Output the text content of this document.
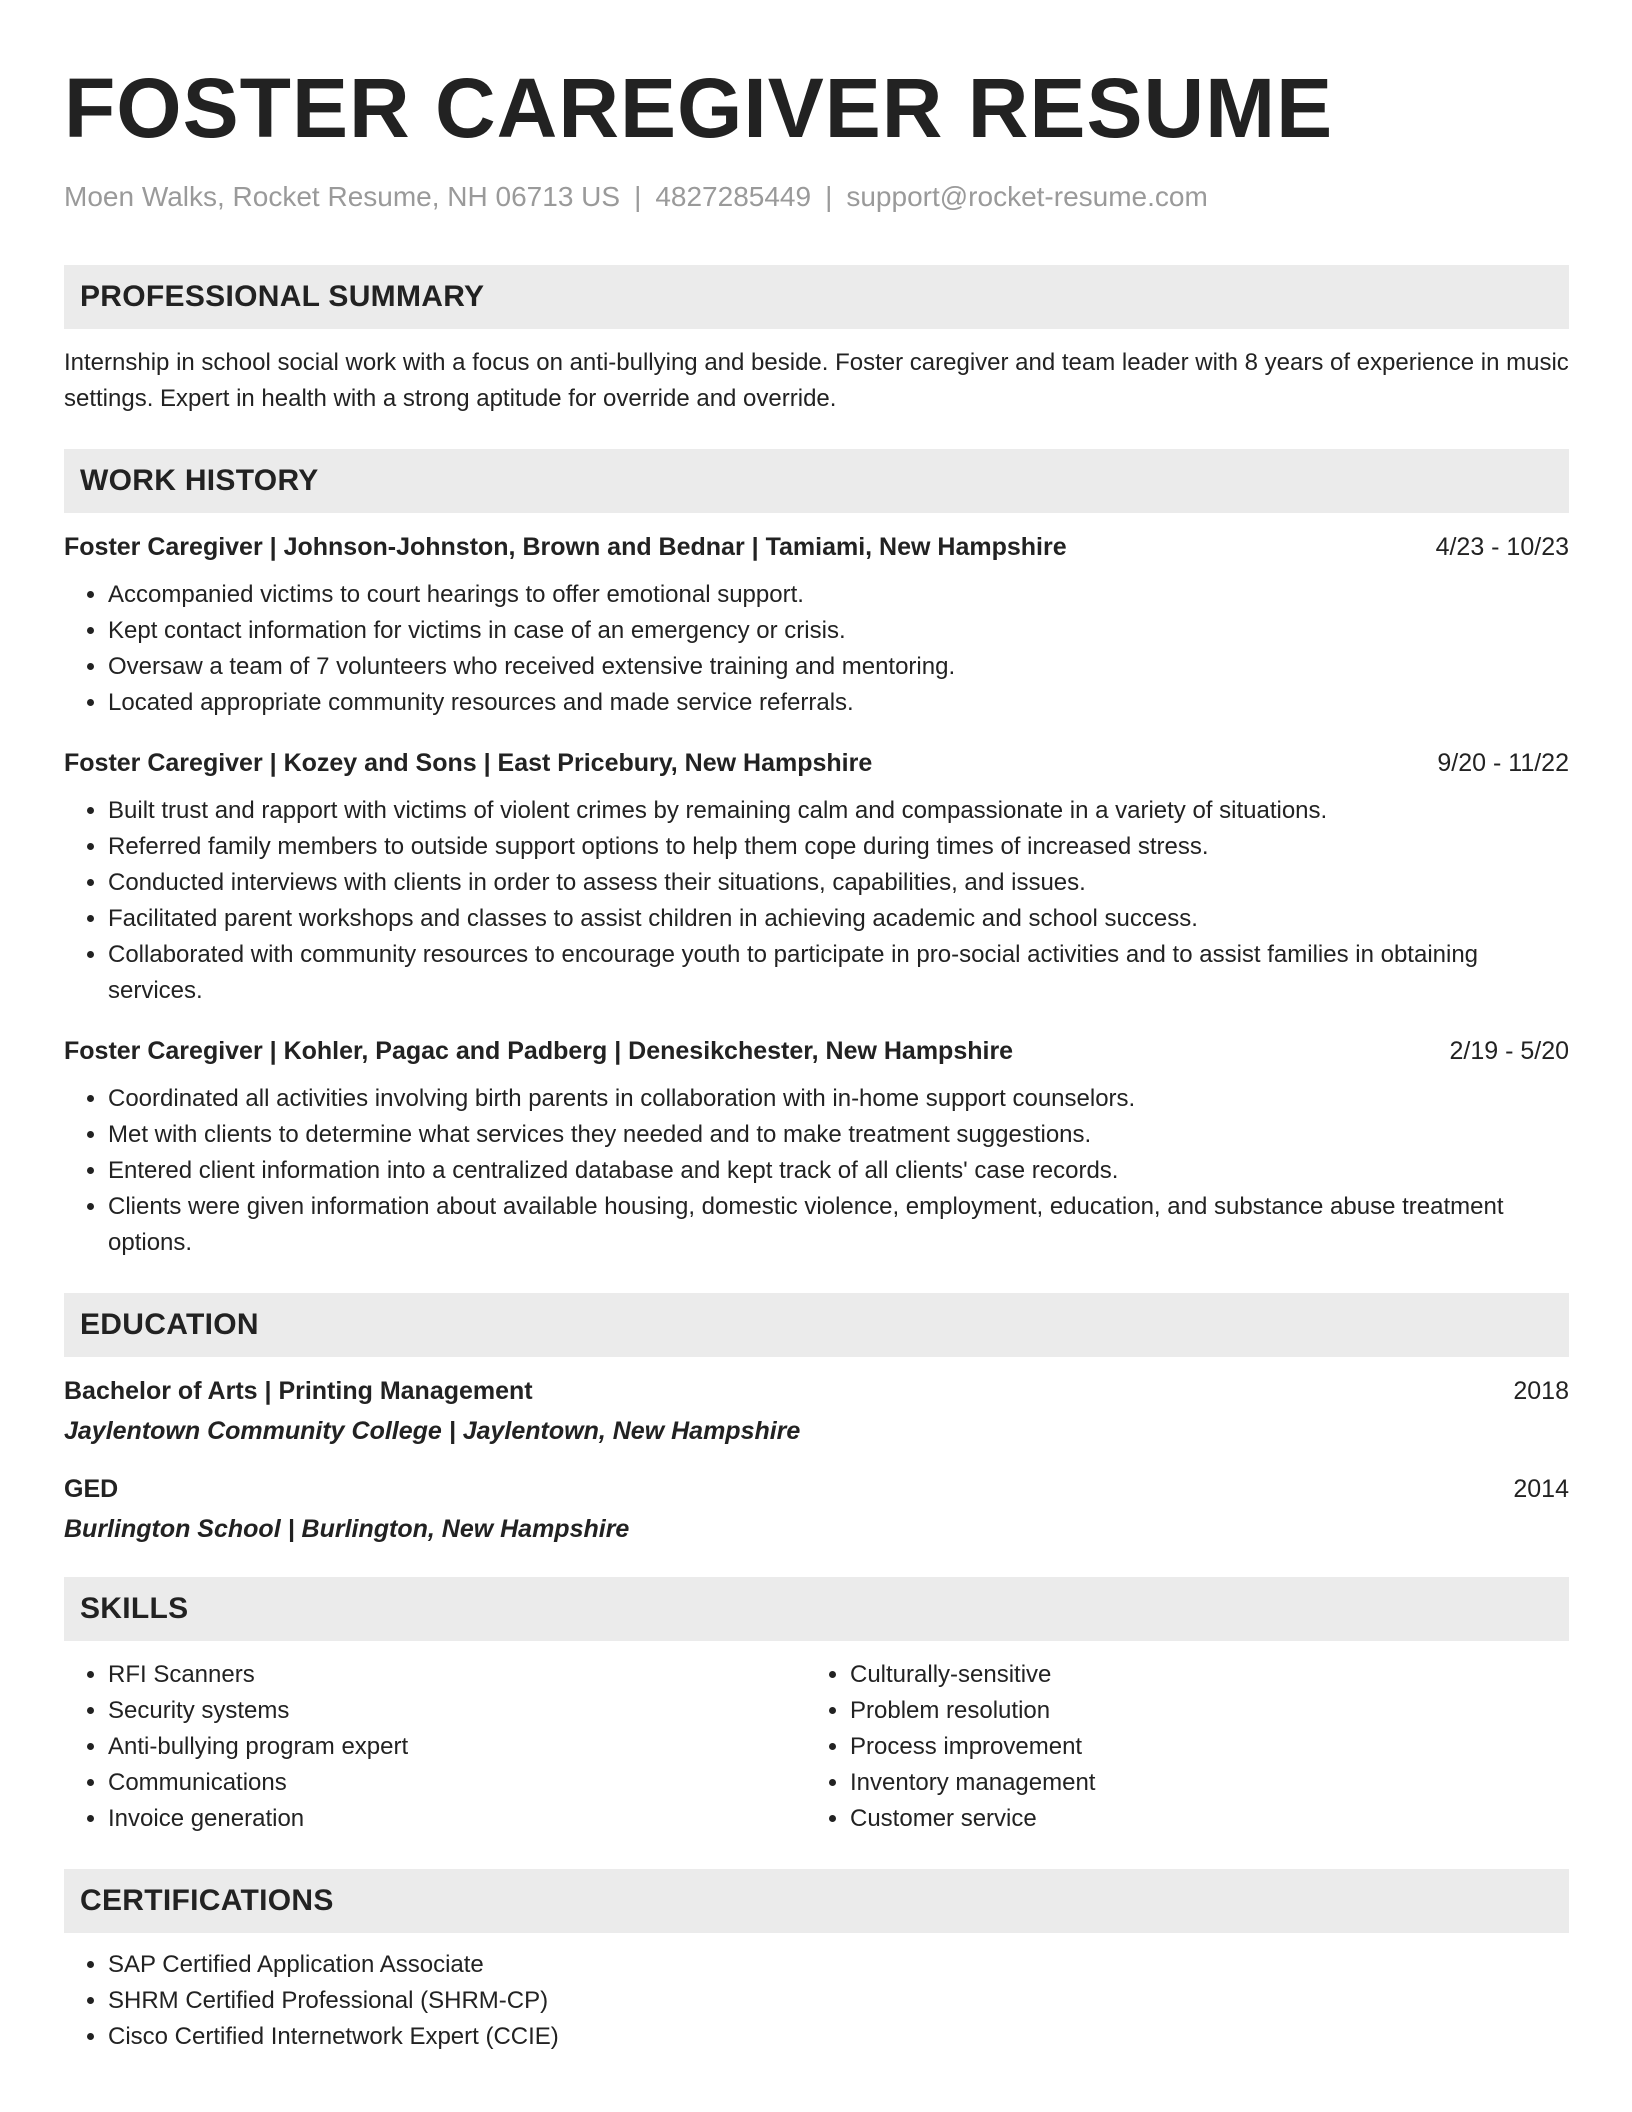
FOSTER CAREGIVER RESUME
Moen Walks, Rocket Resume, NH 06713 US | 4827285449 | support@rocket-resume.com
PROFESSIONAL SUMMARY
Internship in school social work with a focus on anti-bullying and beside. Foster caregiver and team leader with 8 years of experience in music settings. Expert in health with a strong aptitude for override and override.
WORK HISTORY
Foster Caregiver | Johnson-Johnston, Brown and Bednar | Tamiami, New Hampshire	4/23 - 10/23
• Accompanied victims to court hearings to offer emotional support.
• Kept contact information for victims in case of an emergency or crisis.
• Oversaw a team of 7 volunteers who received extensive training and mentoring.
• Located appropriate community resources and made service referrals.
Foster Caregiver | Kozey and Sons | East Pricebury, New Hampshire	9/20 - 11/22
• Built trust and rapport with victims of violent crimes by remaining calm and compassionate in a variety of situations.
• Referred family members to outside support options to help them cope during times of increased stress.
• Conducted interviews with clients in order to assess their situations, capabilities, and issues.
• Facilitated parent workshops and classes to assist children in achieving academic and school success.
• Collaborated with community resources to encourage youth to participate in pro-social activities and to assist families in obtaining services.
Foster Caregiver | Kohler, Pagac and Padberg | Denesikchester, New Hampshire	2/19 - 5/20
• Coordinated all activities involving birth parents in collaboration with in-home support counselors.
• Met with clients to determine what services they needed and to make treatment suggestions.
• Entered client information into a centralized database and kept track of all clients' case records.
• Clients were given information about available housing, domestic violence, employment, education, and substance abuse treatment options.
EDUCATION
Bachelor of Arts | Printing Management	2018
Jaylentown Community College | Jaylentown, New Hampshire
GED	2014
Burlington School | Burlington, New Hampshire
SKILLS
• RFI Scanners
• Security systems
• Anti-bullying program expert
• Communications
• Invoice generation
• Culturally-sensitive
• Problem resolution
• Process improvement
• Inventory management
• Customer service
CERTIFICATIONS
• SAP Certified Application Associate
• SHRM Certified Professional (SHRM-CP)
• Cisco Certified Internetwork Expert (CCIE)
